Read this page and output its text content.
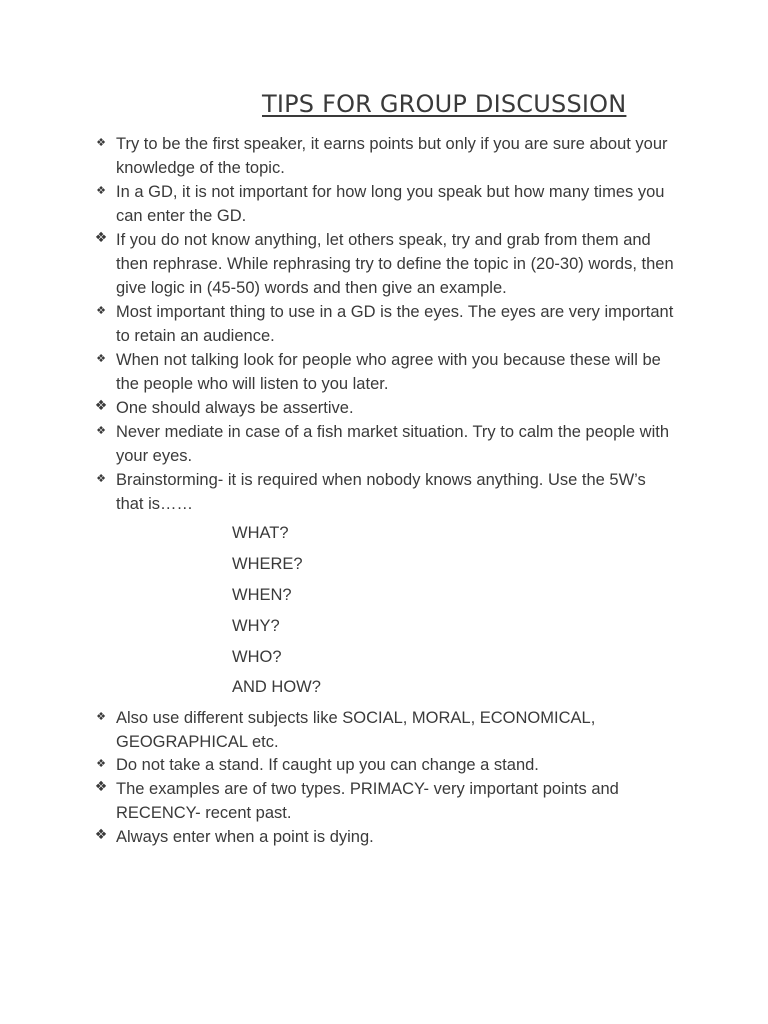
TIPS FOR GROUP DISCUSSION
❖ Try to be the first speaker, it earns points but only if you are sure about your knowledge of the topic.
❖ In a GD, it is not important for how long you speak but how many times you can enter the GD.
❖ If you do not know anything, let others speak, try and grab from them and then rephrase. While rephrasing try to define the topic in (20-30) words, then give logic in (45-50) words and then give an example.
❖ Most important thing to use in a GD is the eyes. The eyes are very important to retain an audience.
❖ When not talking look for people who agree with you because these will be the people who will listen to you later.
❖ One should always be assertive.
❖ Never mediate in case of a fish market situation. Try to calm the people with your eyes.
❖ Brainstorming- it is required when nobody knows anything. Use the 5W’s that is……
WHAT?
WHERE?
WHEN?
WHY?
WHO?
AND HOW?
❖ Also use different subjects like SOCIAL, MORAL, ECONOMICAL, GEOGRAPHICAL etc.
❖ Do not take a stand. If caught up you can change a stand.
❖ The examples are of two types. PRIMACY- very important points and RECENCY- recent past.
❖ Always enter when a point is dying.
